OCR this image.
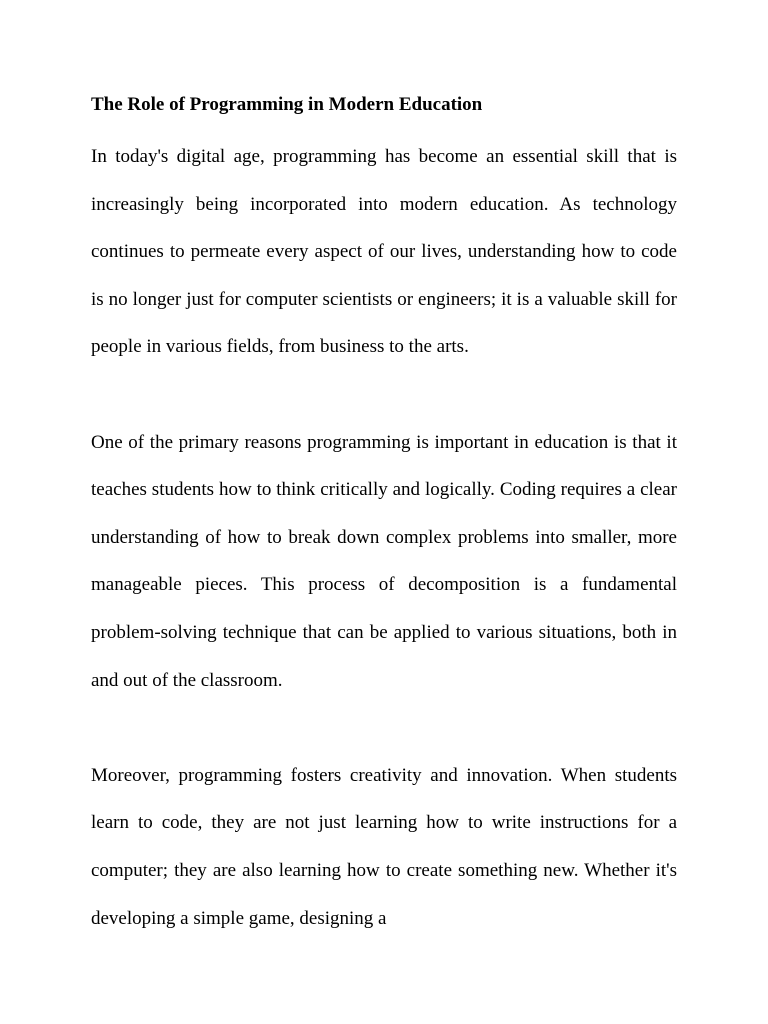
The Role of Programming in Modern Education

In today's digital age, programming has become an essential skill that is increasingly being incorporated into modern education. As technology continues to permeate every aspect of our lives, understanding how to code is no longer just for computer scientists or engineers; it is a valuable skill for people in various fields, from business to the arts.

One of the primary reasons programming is important in education is that it teaches students how to think critically and logically. Coding requires a clear understanding of how to break down complex problems into smaller, more manageable pieces. This process of decomposition is a fundamental problem-solving technique that can be applied to various situations, both in and out of the classroom.

Moreover, programming fosters creativity and innovation. When students learn to code, they are not just learning how to write instructions for a computer; they are also learning how to create something new. Whether it's developing a simple game, designing a
